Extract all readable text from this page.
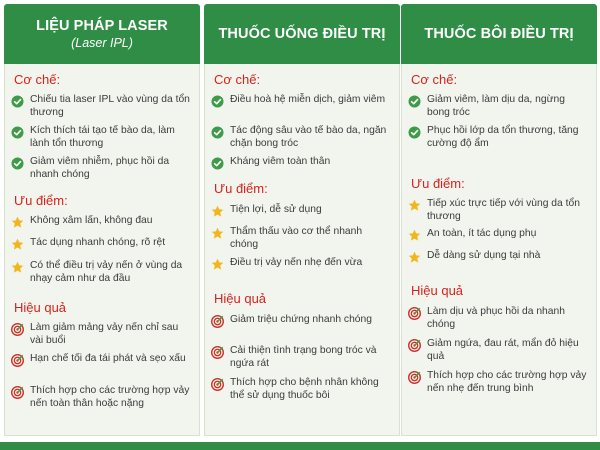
LIỆU PHÁP LASER
(Laser IPL)
Cơ chế:
Chiếu tia laser IPL vào vùng da tổn thương
Kích thích tái tạo tế bào da, làm lành tổn thương
Giảm viêm nhiễm, phục hồi da nhanh chóng
Ưu điểm:
Không xâm lấn, không đau
Tác dụng nhanh chóng, rõ rệt
Có thể điều trị vảy nến ở vùng da nhạy cảm như da đầu
Hiệu quả
Làm giảm mảng vảy nến chỉ sau vài buổi
Hạn chế tối đa tái phát và sẹo xấu
Thích hợp cho các trường hợp vảy nến toàn thân hoặc nặng
THUỐC UỐNG ĐIỀU TRỊ
Cơ chế:
Điều hoà hệ miễn dịch, giảm viêm
Tác động sâu vào tế bào da, ngăn chặn bong tróc
Kháng viêm toàn thân
Ưu điểm:
Tiện lợi, dễ sử dụng
Thẩm thấu vào cơ thể nhanh chóng
Điều trị vảy nến nhẹ đến vừa
Hiệu quả
Giảm triệu chứng nhanh chóng
Cải thiện tình trạng bong tróc và ngứa rát
Thích hợp cho bệnh nhân không thể sử dụng thuốc bôi
THUỐC BÔI ĐIỀU TRỊ
Cơ chế:
Giảm viêm, làm dịu da, ngừng bong tróc
Phục hồi lớp da tổn thương, tăng cường độ ẩm
Ưu điểm:
Tiếp xúc trực tiếp với vùng da tổn thương
An toàn, ít tác dụng phụ
Dễ dàng sử dụng tại nhà
Hiệu quả
Làm dịu và phục hồi da nhanh chóng
Giảm ngứa, đau rát, mẩn đỏ hiệu quả
Thích hợp cho các trường hợp vảy nến nhẹ đến trung bình
